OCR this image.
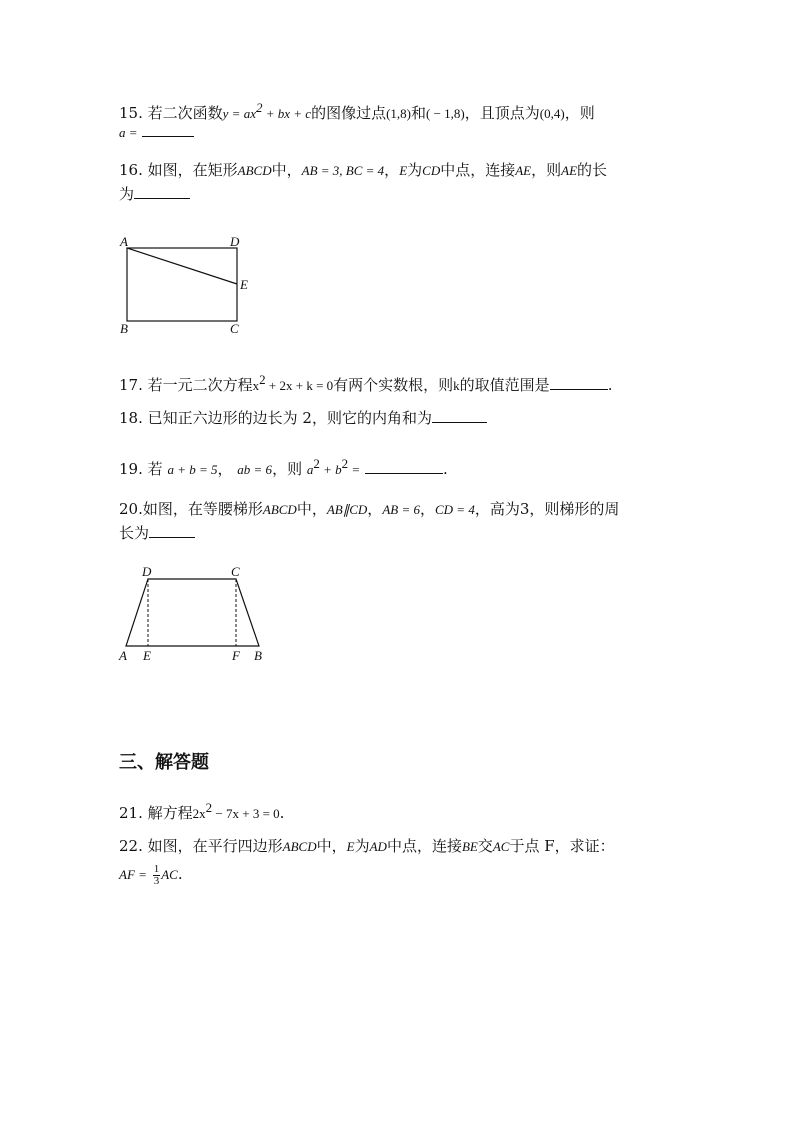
15. 若二次函数$y = ax^2$ + bx + c的图像过点(1,8)和( − 1,8)，且顶点为(0,4)，则
a =
16. 如图，在矩形ABCD中，AB = 3, BC = 4，E为CD中点，连接AE，则AE的长
为
A	D
E
B	C
17. 若一元二次方程$x^2 + 2x + k = 0$有两个实数根，则k的取值范围是	.
18. 已知正六边形的边长为 2，则它的内角和为
19. 若 a + b = 5， ab = 6，则 $a^2 + b^2$ =	.
20.如图，在等腰梯形ABCD中，AB∥CD，AB = 6，CD = 4，高为3，则梯形的周
长为
D	C
A E	F B
三、解答题
21. 解方程$2x^2 - 7x + 3 = 0$.
22. 如图，在平行四边形ABCD中，E为AD中点，连接BE交AC于点 F，求证：
AF = $\frac{1}{3}$ AC.
